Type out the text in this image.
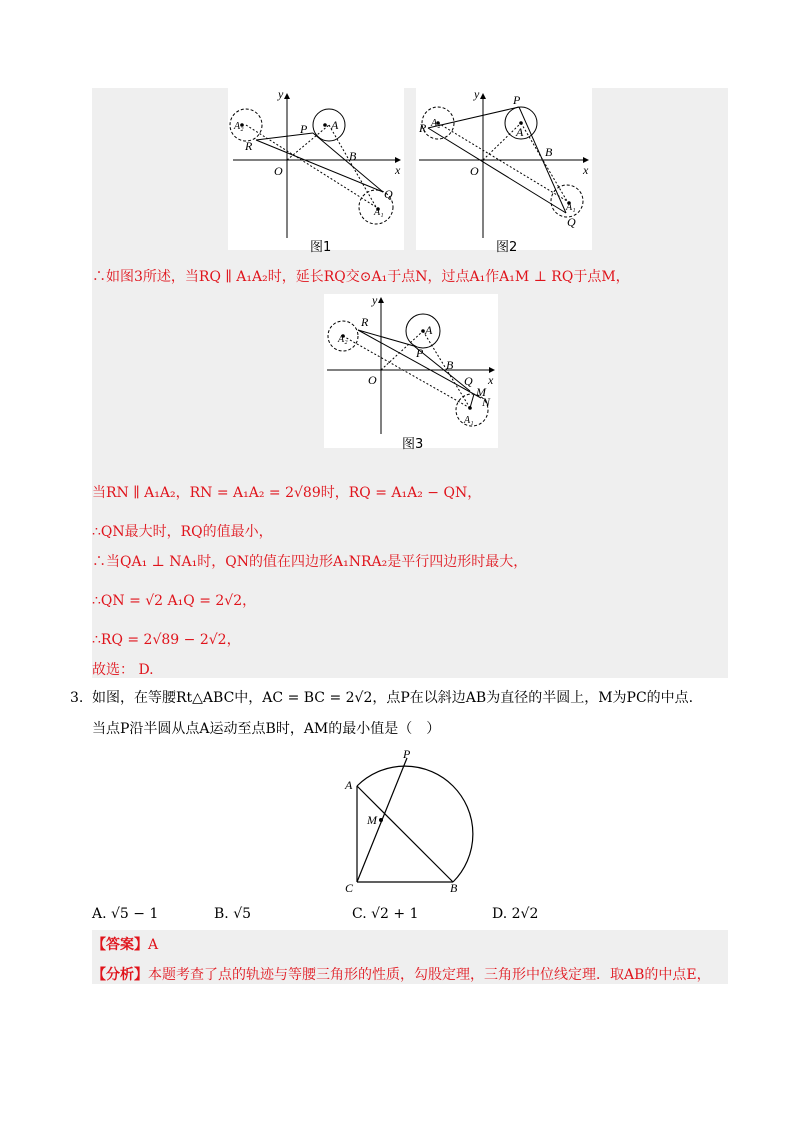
y
x
O
A
A₂
R
P
B
Q
A₁
图1
y
x
O
P
A
A₂
R
B
Q
A₁
图2
∴如图3所述，当RQ ∥ A₁A₂时，延长RQ交⊙A₁于点N，过点A₁作A₁M ⊥ RQ于点M，
y
x
O
R
A
A₂
P
B
Q
M
N
A₁
图3
当RN ∥ A₁A₂，RN = A₁A₂ = 2√89时，RQ = A₁A₂ − QN，
∴QN最大时，RQ的值最小，
∴当QA₁ ⊥ NA₁时，QN的值在四边形A₁NRA₂是平行四边形时最大，
∴QN = √2 A₁Q = 2√2，
∴RQ = 2√89 − 2√2，
故选： D.
3. 如图，在等腰Rt△ABC中，AC = BC = 2√2，点P在以斜边AB为直径的半圆上，M为PC的中点.
当点P沿半圆从点A运动至点B时，AM的最小值是（　）
A
P
M
C	B
A. √5 − 1	B. √5	C. √2 + 1	D. 2√2
【答案】A
【分析】本题考查了点的轨迹与等腰三角形的性质，勾股定理，三角形中位线定理．取AB的中点E，
